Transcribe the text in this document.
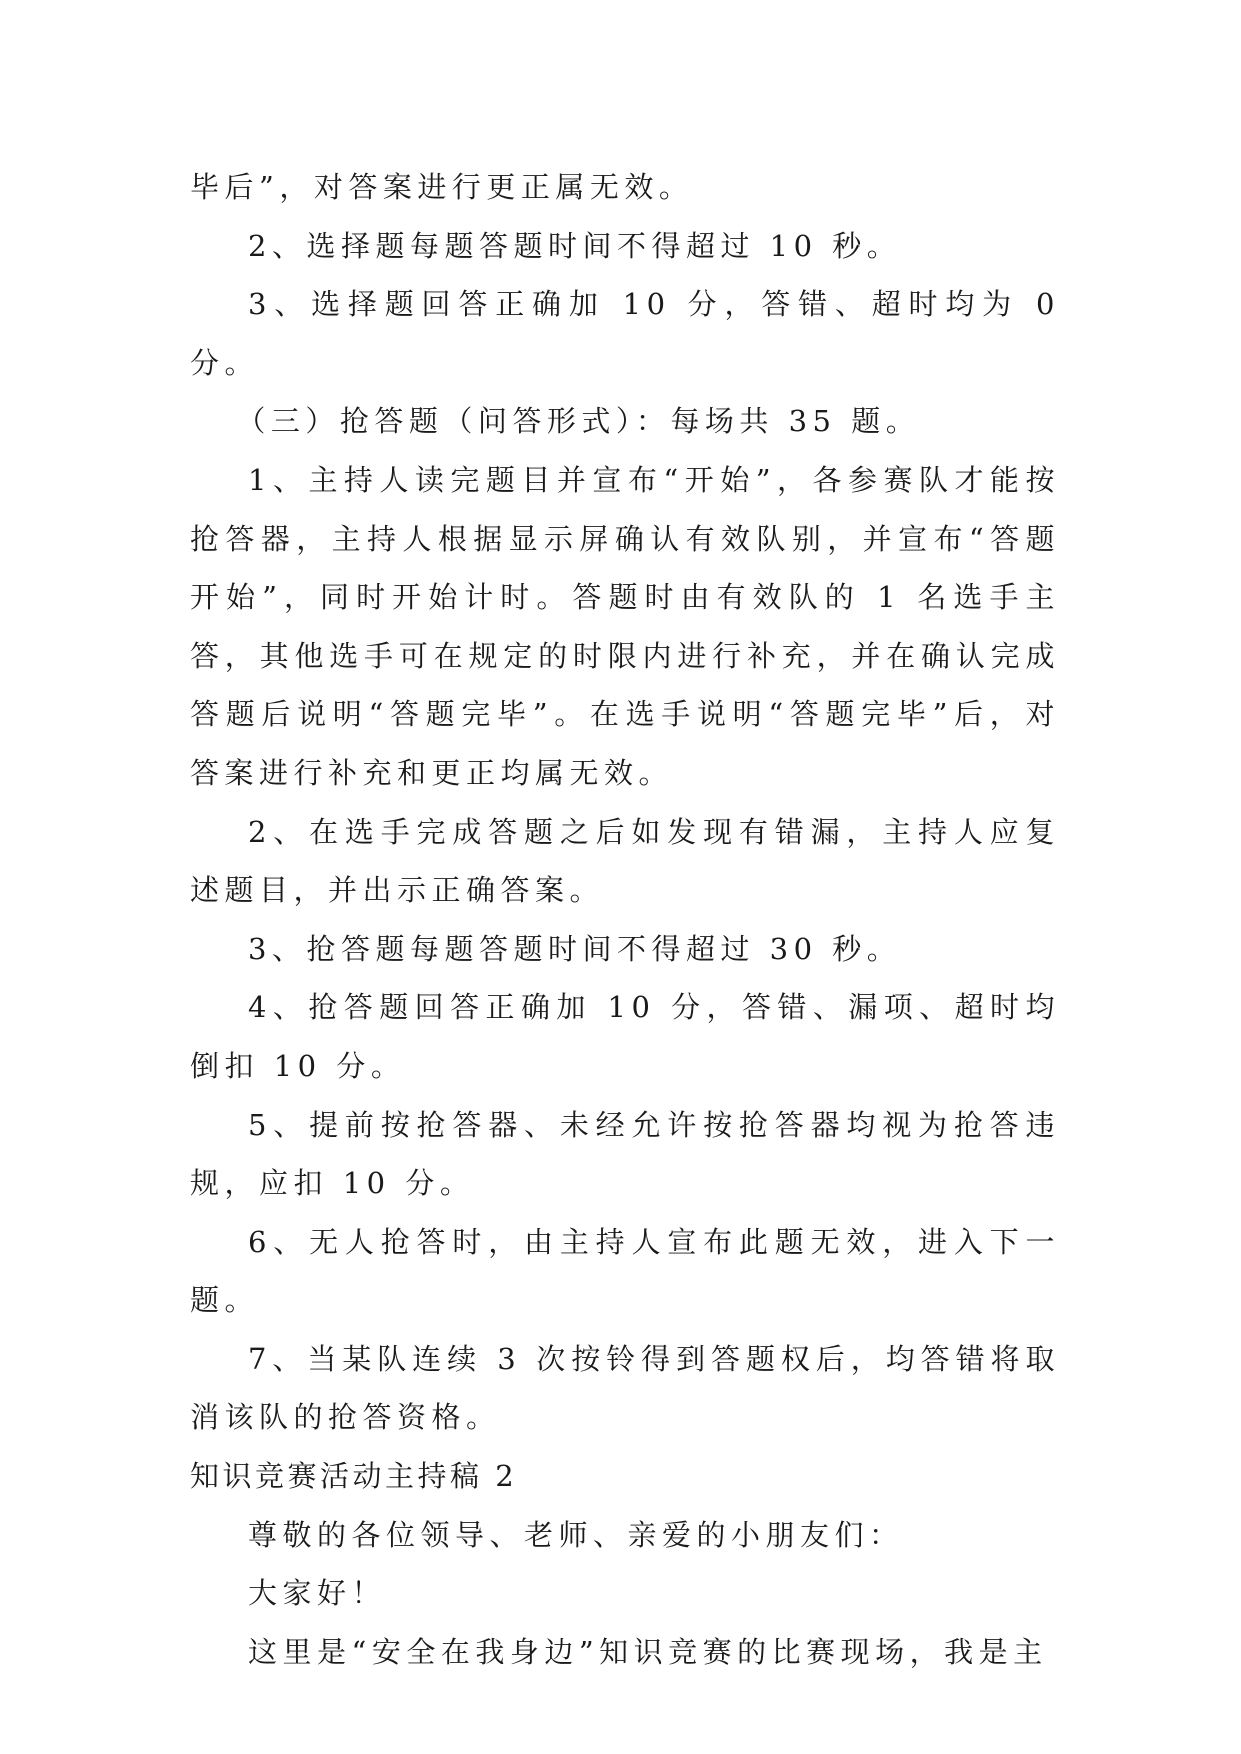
毕后”，对答案进行更正属无效。

2、选择题每题答题时间不得超过 10 秒。

3、选择题回答正确加 10 分，答错、超时均为 0 分。

（三）抢答题（问答形式）：每场共 35 题。

1、主持人读完题目并宣布“开始”，各参赛队才能按抢答器，主持人根据显示屏确认有效队别，并宣布“答题开始”，同时开始计时。答题时由有效队的 1 名选手主答，其他选手可在规定的时限内进行补充，并在确认完成答题后说明“答题完毕”。在选手说明“答题完毕”后，对答案进行补充和更正均属无效。

2、在选手完成答题之后如发现有错漏，主持人应复述题目，并出示正确答案。

3、抢答题每题答题时间不得超过 30 秒。

4、抢答题回答正确加 10 分，答错、漏项、超时均倒扣 10 分。

5、提前按抢答器、未经允许按抢答器均视为抢答违规，应扣 10 分。

6、无人抢答时，由主持人宣布此题无效，进入下一题。

7、当某队连续 3 次按铃得到答题权后，均答错将取消该队的抢答资格。

知识竞赛活动主持稿 2

尊敬的各位领导、老师、亲爱的小朋友们：

大家好！

这里是“安全在我身边”知识竞赛的比赛现场，我是主
